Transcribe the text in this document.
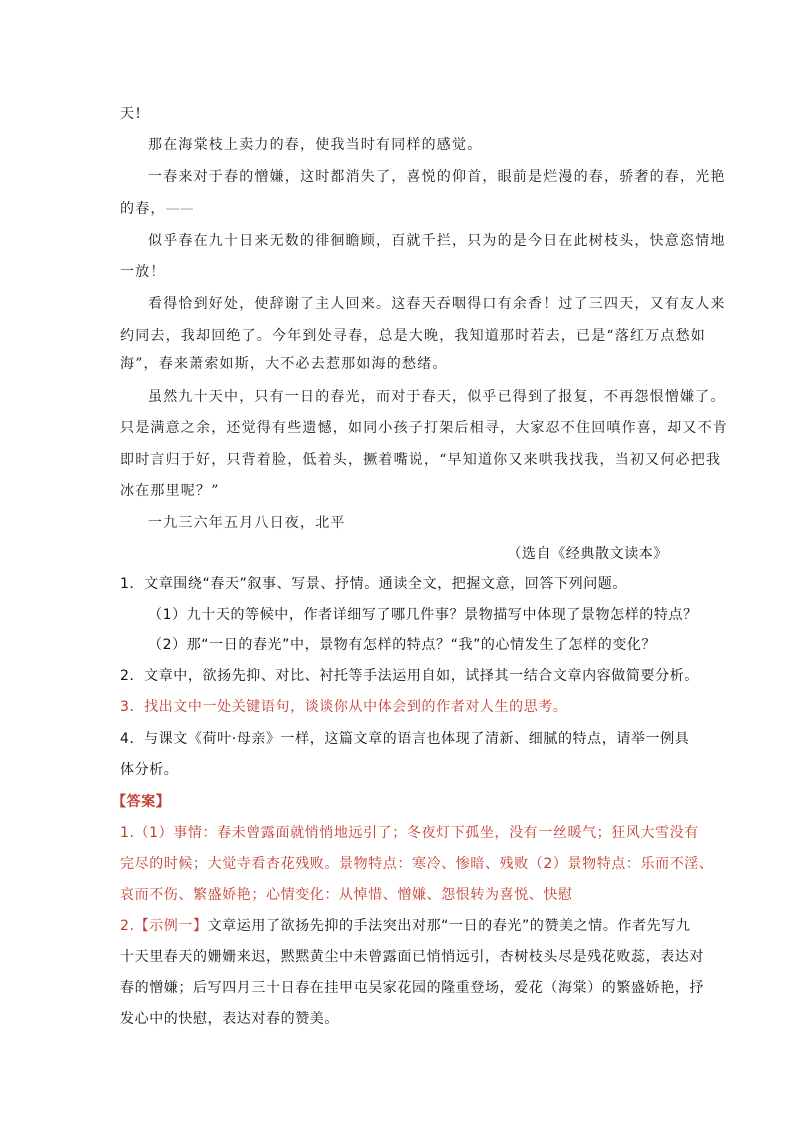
天!
那在海棠枝上卖力的春，使我当时有同样的感觉。
一春来对于春的憎嫌，这时都消失了，喜悦的仰首，眼前是烂漫的春，骄奢的春，光艳
的春，——
似乎春在九十日来无数的徘徊瞻顾，百就千拦，只为的是今日在此树枝头，快意恣情地
一放！
看得恰到好处，使辞谢了主人回来。这春天吞咽得口有余香！过了三四天，又有友人来
约同去，我却回绝了。今年到处寻春，总是大晚，我知道那时若去，已是“落红万点愁如
海”，春来萧索如斯，大不必去惹那如海的愁绪。
虽然九十天中，只有一日的春光，而对于春天，似乎已得到了报复，不再怨恨憎嫌了。
只是满意之余，还觉得有些遗憾，如同小孩子打架后相寻，大家忍不住回嗔作喜，却又不肯
即时言归于好，只背着脸，低着头，撅着嘴说，“早知道你又来哄我找我，当初又何必把我
冰在那里呢？”
一九三六年五月八日夜，北平
（选自《经典散文读本》
1．文章围绕“春天”叙事、写景、抒情。通读全文，把握文意，回答下列问题。
（1）九十天的等候中，作者详细写了哪几件事？景物描写中体现了景物怎样的特点？
（2）那“一日的春光”中，景物有怎样的特点？“我”的心情发生了怎样的变化？
2．文章中，欲扬先抑、对比、衬托等手法运用自如，试择其一结合文章内容做简要分析。
3．找出文中一处关键语句，谈谈你从中体会到的作者对人生的思考。
4．与课文《荷叶·母亲》一样，这篇文章的语言也体现了清新、细腻的特点，请举一例具
体分析。
【答案】
1.（1）事情：春未曾露面就悄悄地远引了；冬夜灯下孤坐，没有一丝暖气；狂风大雪没有
完尽的时候；大觉寺看杏花残败。景物特点：寒冷、惨暗、残败（2）景物特点：乐而不淫、
哀而不伤、繁盛娇艳；心情变化：从悼惜、憎嫌、怨恨转为喜悦、快慰
2.【示例一】文章运用了欲扬先抑的手法突出对那“一日的春光”的赞美之情。作者先写九
十天里春天的姗姗来迟，黙黙黄尘中未曾露面已悄悄远引，杏树枝头尽是残花败蕊，表达对
春的憎嫌；后写四月三十日春在挂甲屯吴家花园的隆重登场，爱花（海棠）的繁盛娇艳，抒
发心中的快慰，表达对春的赞美。
